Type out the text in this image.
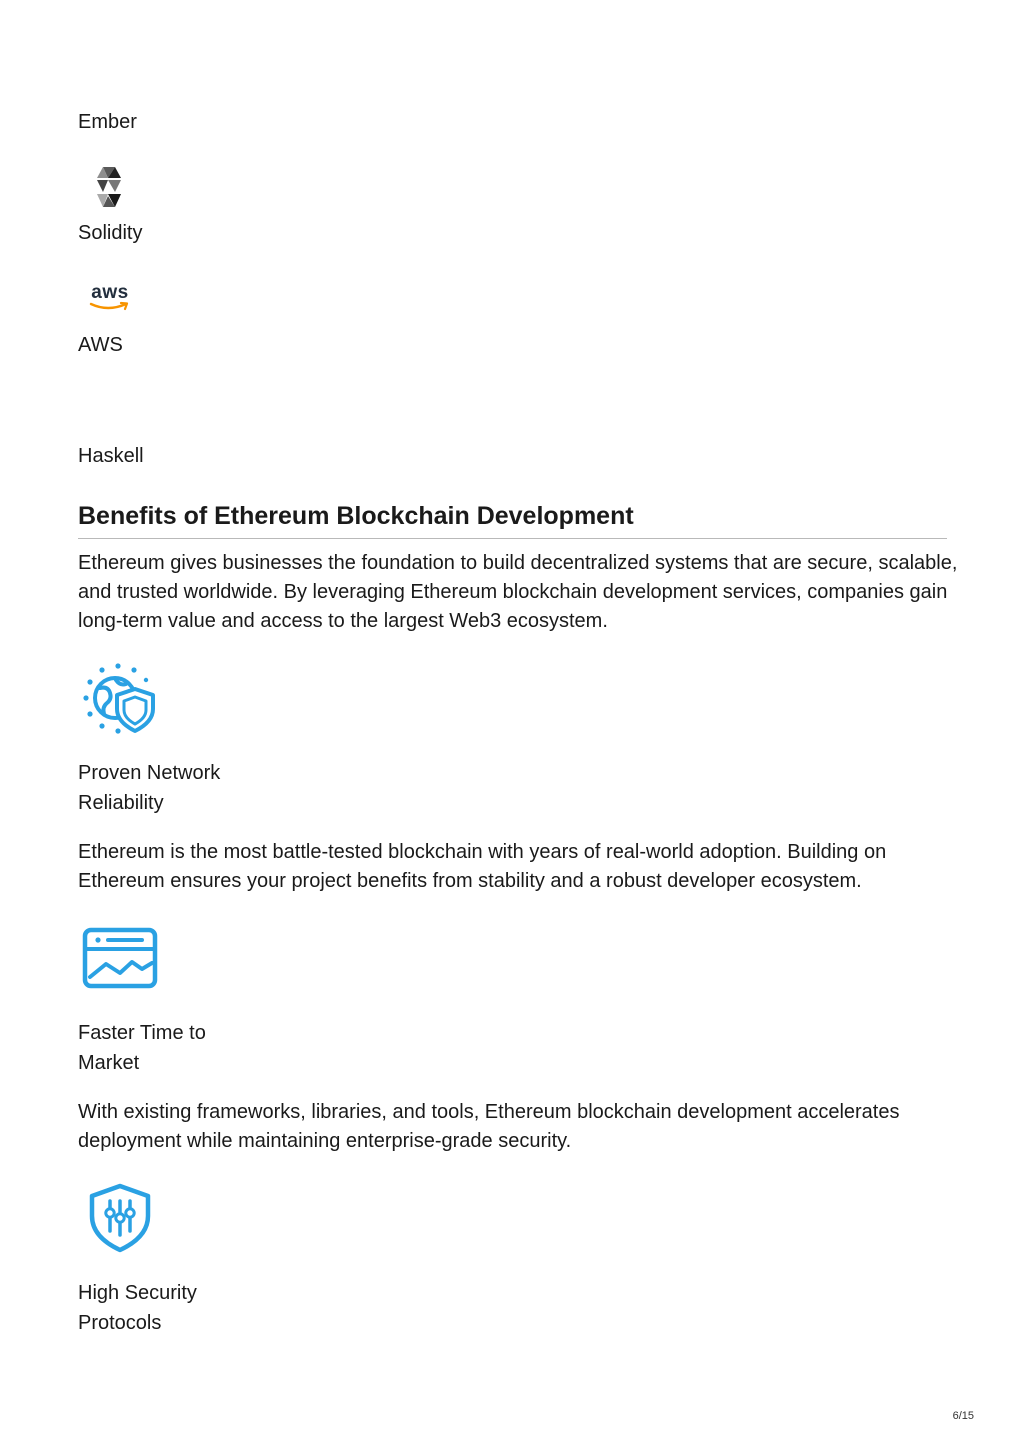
Ember
Solidity
aws
AWS
Haskell
Benefits of Ethereum Blockchain Development
Ethereum gives businesses the foundation to build decentralized systems that are secure, scalable, and trusted worldwide. By leveraging Ethereum blockchain development services, companies gain long-term value and access to the largest Web3 ecosystem.
Proven Network
Reliability
Ethereum is the most battle-tested blockchain with years of real-world adoption. Building on Ethereum ensures your project benefits from stability and a robust developer ecosystem.
Faster Time to
Market
With existing frameworks, libraries, and tools, Ethereum blockchain development accelerates deployment while maintaining enterprise-grade security.
High Security
Protocols
6/15
